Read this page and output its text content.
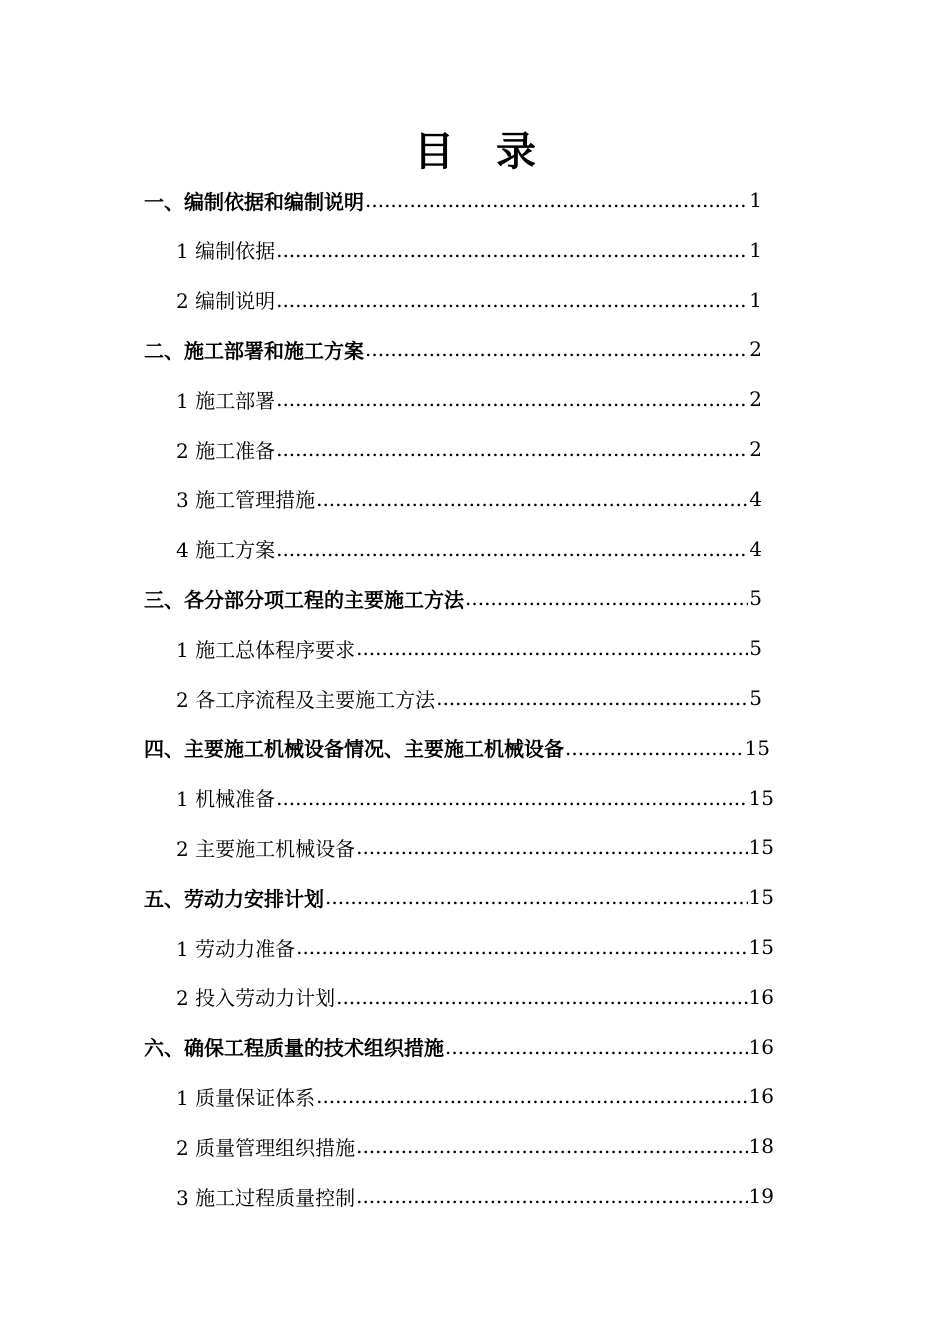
目 录
一、编制依据和编制说明 .....	1
1 编制依据 .....	1
2 编制说明 .....	1
二、施工部署和施工方案 .....	2
1 施工部署 .....	2
2 施工准备 .....	2
3 施工管理措施 .....	4
4 施工方案 .....	4
三、各分部分项工程的主要施工方法 .....	5
1 施工总体程序要求 .....	5
2 各工序流程及主要施工方法 .....	5
四、主要施工机械设备情况、主要施工机械设备 .....	15
1 机械准备 .....	15
2 主要施工机械设备 .....	15
五、劳动力安排计划 .....	15
1 劳动力准备 .....	15
2 投入劳动力计划 .....	16
六、确保工程质量的技术组织措施 .....	16
1 质量保证体系 .....	16
2 质量管理组织措施 .....	18
3 施工过程质量控制 .....	19
